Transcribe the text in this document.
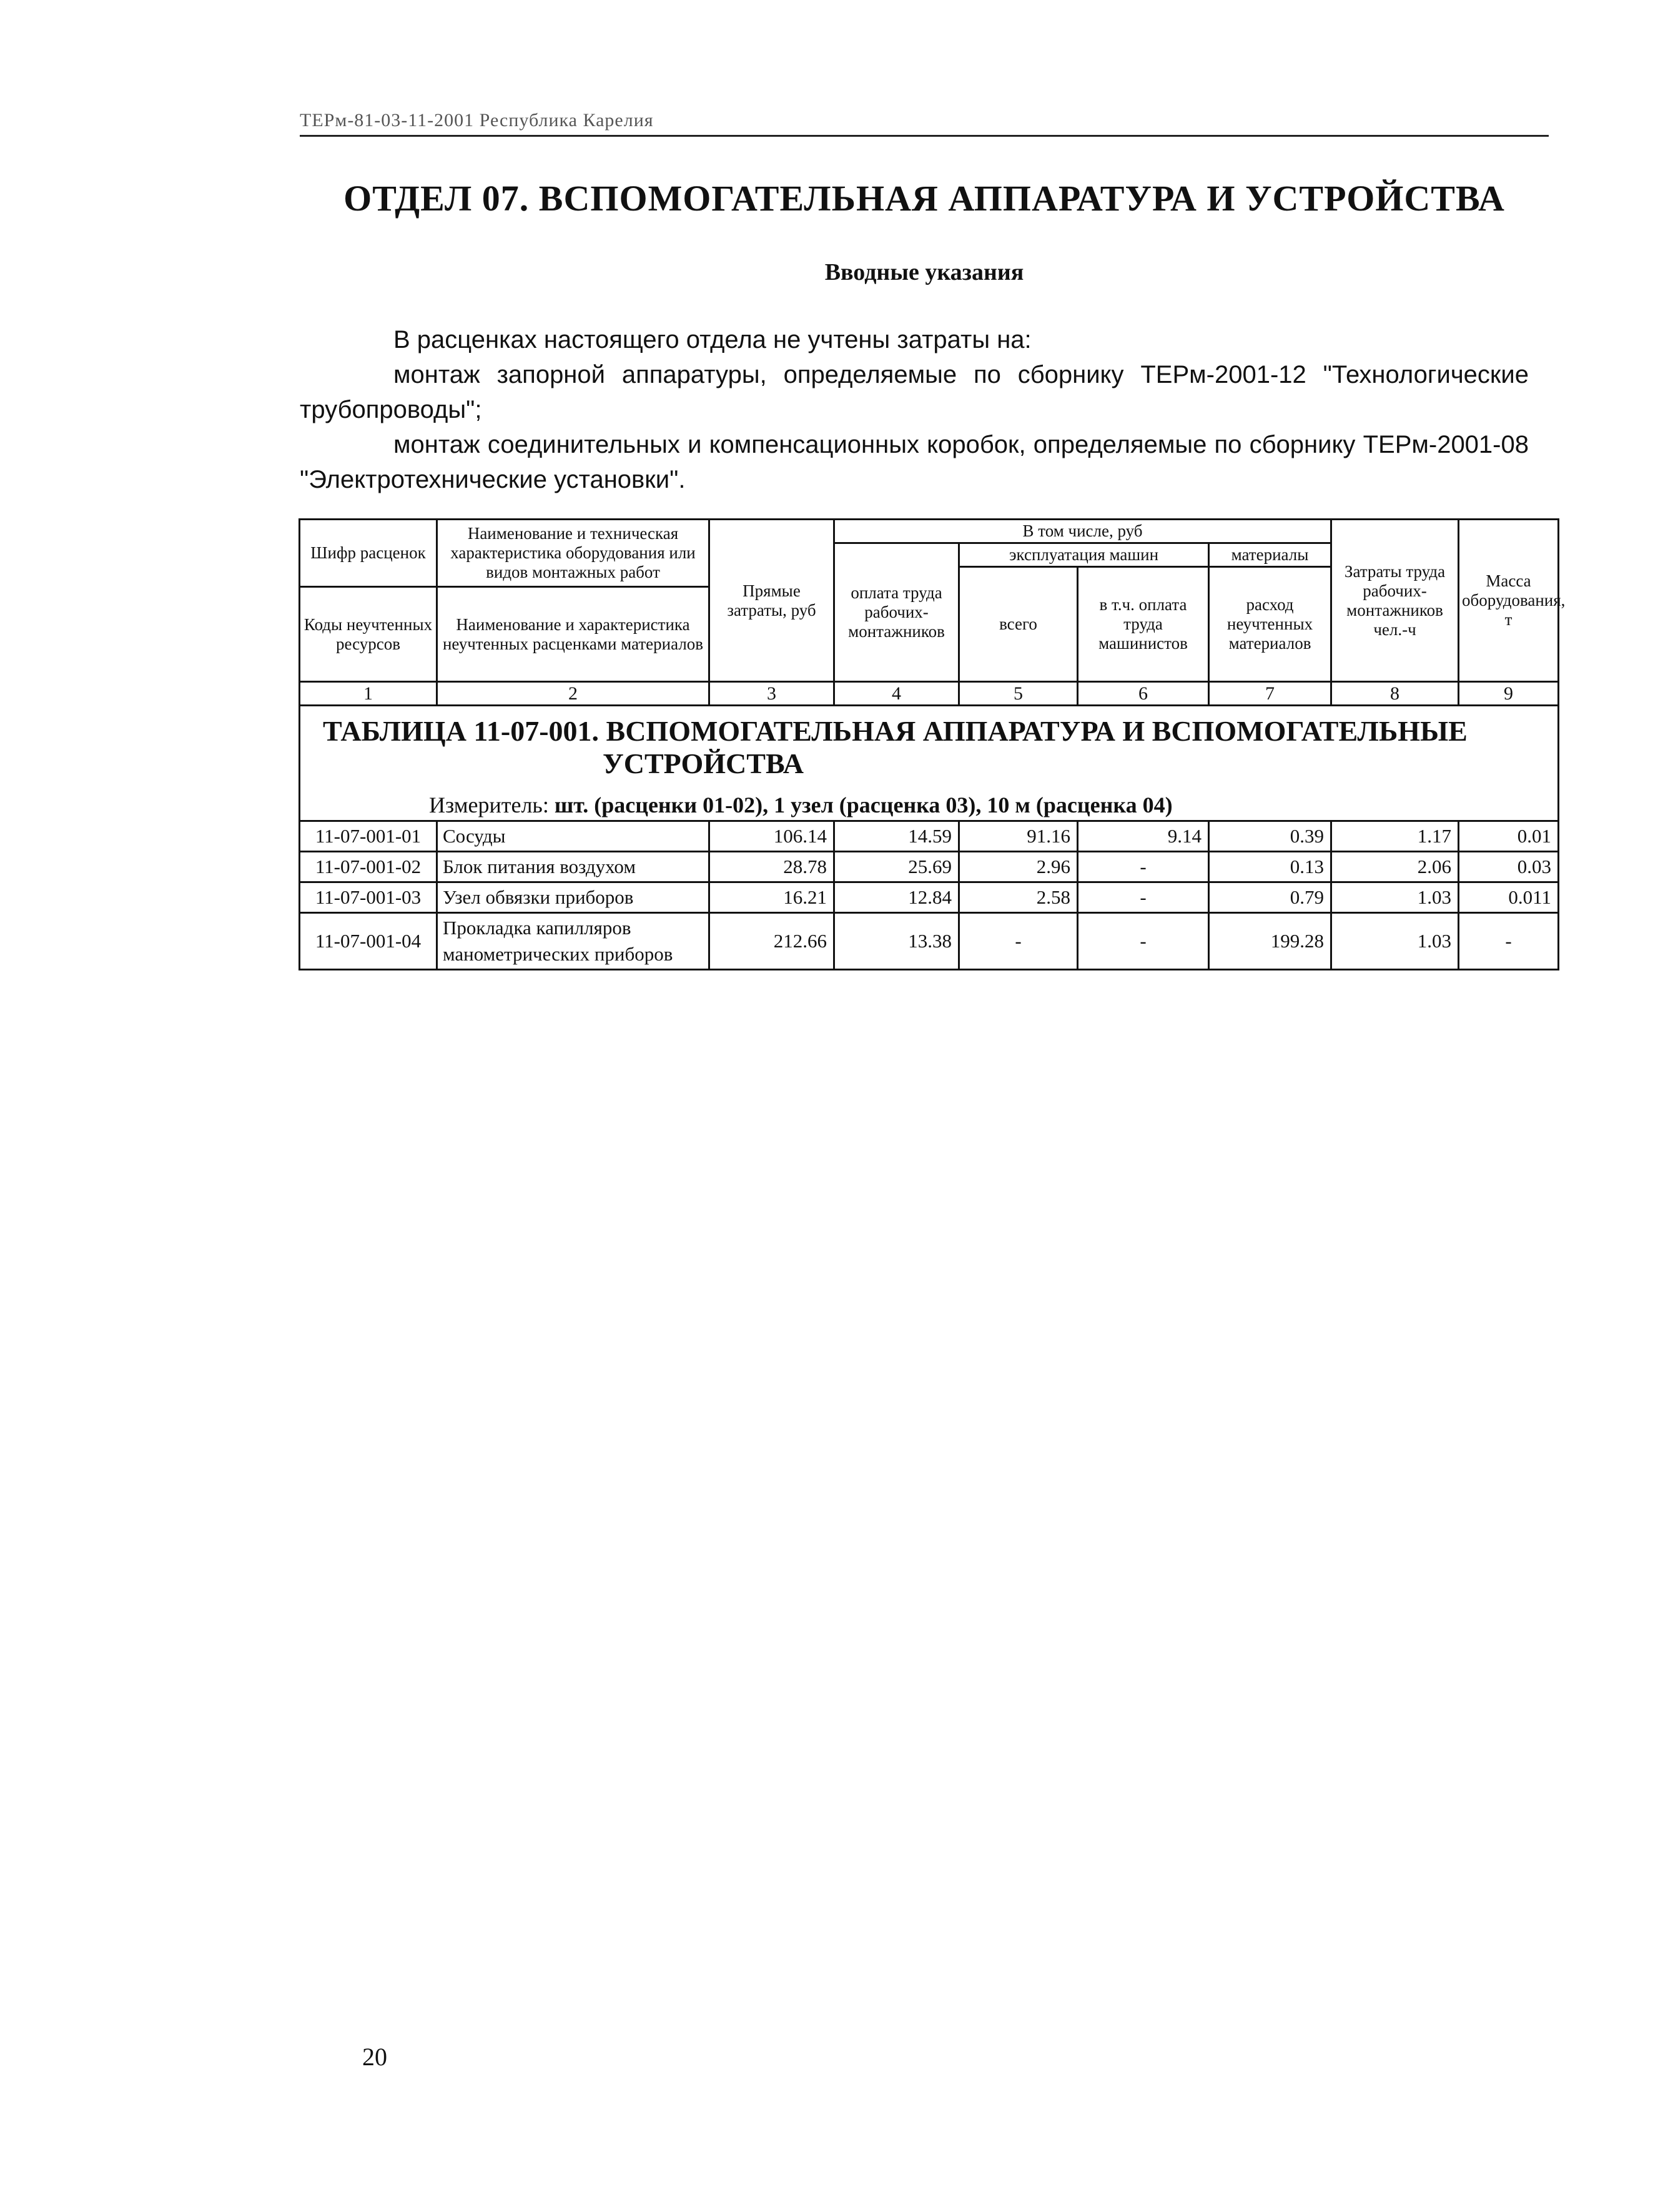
ТЕРм-81-03-11-2001 Республика Карелия
ОТДЕЛ 07. ВСПОМОГАТЕЛЬНАЯ АППАРАТУРА И УСТРОЙСТВА
Вводные указания

В расценках настоящего отдела не учтены затраты на:

монтаж запорной аппаратуры, определяемые по сборнику ТЕРм-2001-12 "Технологические трубопроводы";

монтаж соединительных и компенсационных коробок, определяемые по сборнику ТЕРм-2001-08 "Электротехнические установки".

Шифр расценок	Наименование и техническая характеристика оборудования или видов монтажных работ	Прямые затраты, руб	В том числе, руб				Затраты труда рабочих-монтажников чел.-ч	Масса оборудования, т
			оплата труда рабочих-монтажников	эксплуатация машин		материалы		
				всего	в т.ч. оплата труда машинистов	расход неучтенных материалов		
Коды неучтенных ресурсов	Наименование и характеристика неучтенных расценками материалов							

1	2	3	4	5	6	7	8	9
ТАБЛИЦА 11-07-001. ВСПОМОГАТЕЛЬНАЯ АППАРАТУРА И ВСПОМОГАТЕЛЬНЫЕ
УСТРОЙСТВА
Измеритель: шт. (расценки 01-02), 1 узел (расценка 03), 10 м (расценка 04)								

11-07-001-01	Сосуды	106.14	14.59	91.16	9.14	0.39	1.17	0.01
11-07-001-02	Блок питания воздухом	28.78	25.69	2.96	-	0.13	2.06	0.03
11-07-001-03	Узел обвязки приборов	16.21	12.84	2.58	-	0.79	1.03	0.011
11-07-001-04	Прокладка капилляров манометрических приборов	212.66	13.38	-	-	199.28	1.03	-
20
